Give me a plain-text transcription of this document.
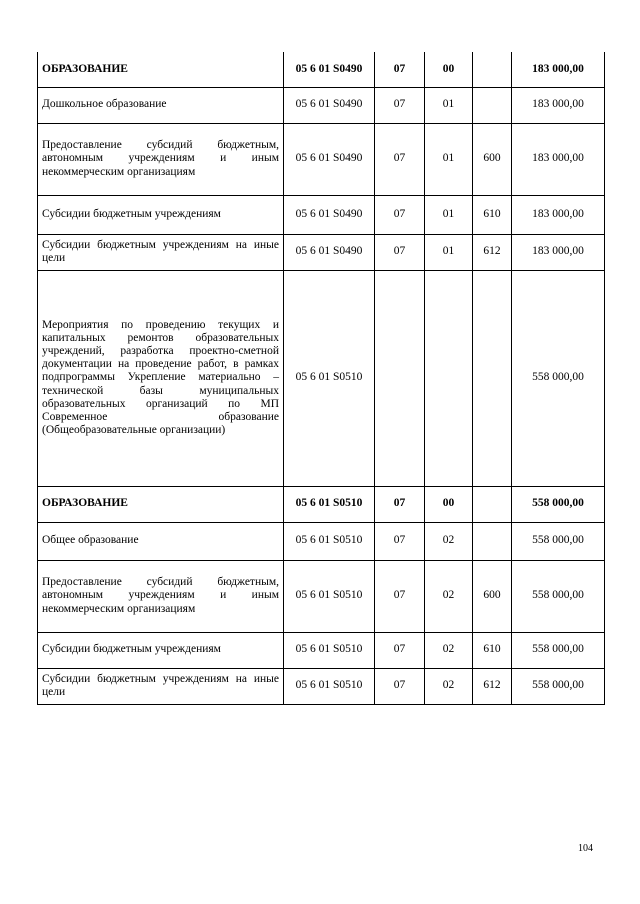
ОБРАЗОВАНИЕ	05 6 01 S0490	07	00		183 000,00
Дошкольное образование	05 6 01 S0490	07	01		183 000,00
Предоставление субсидий бюджетным, автономным учреждениям и иным некоммерческим организациям	05 6 01 S0490	07	01	600	183 000,00
Субсидии бюджетным учреждениям	05 6 01 S0490	07	01	610	183 000,00
Субсидии бюджетным учреждениям на иные цели	05 6 01 S0490	07	01	612	183 000,00
Мероприятия по проведению текущих и капитальных ремонтов образовательных учреждений, разработка проектно-сметной документации на проведение работ, в рамках подпрограммы Укрепление материально – технической базы муниципальных образовательных организаций по МП Современное образование (Общеобразовательные организации)	05 6 01 S0510				558 000,00
ОБРАЗОВАНИЕ	05 6 01 S0510	07	00		558 000,00
Общее образование	05 6 01 S0510	07	02		558 000,00
Предоставление субсидий бюджетным, автономным учреждениям и иным некоммерческим организациям	05 6 01 S0510	07	02	600	558 000,00
Субсидии бюджетным учреждениям	05 6 01 S0510	07	02	610	558 000,00
Субсидии бюджетным учреждениям на иные цели	05 6 01 S0510	07	02	612	558 000,00
104
